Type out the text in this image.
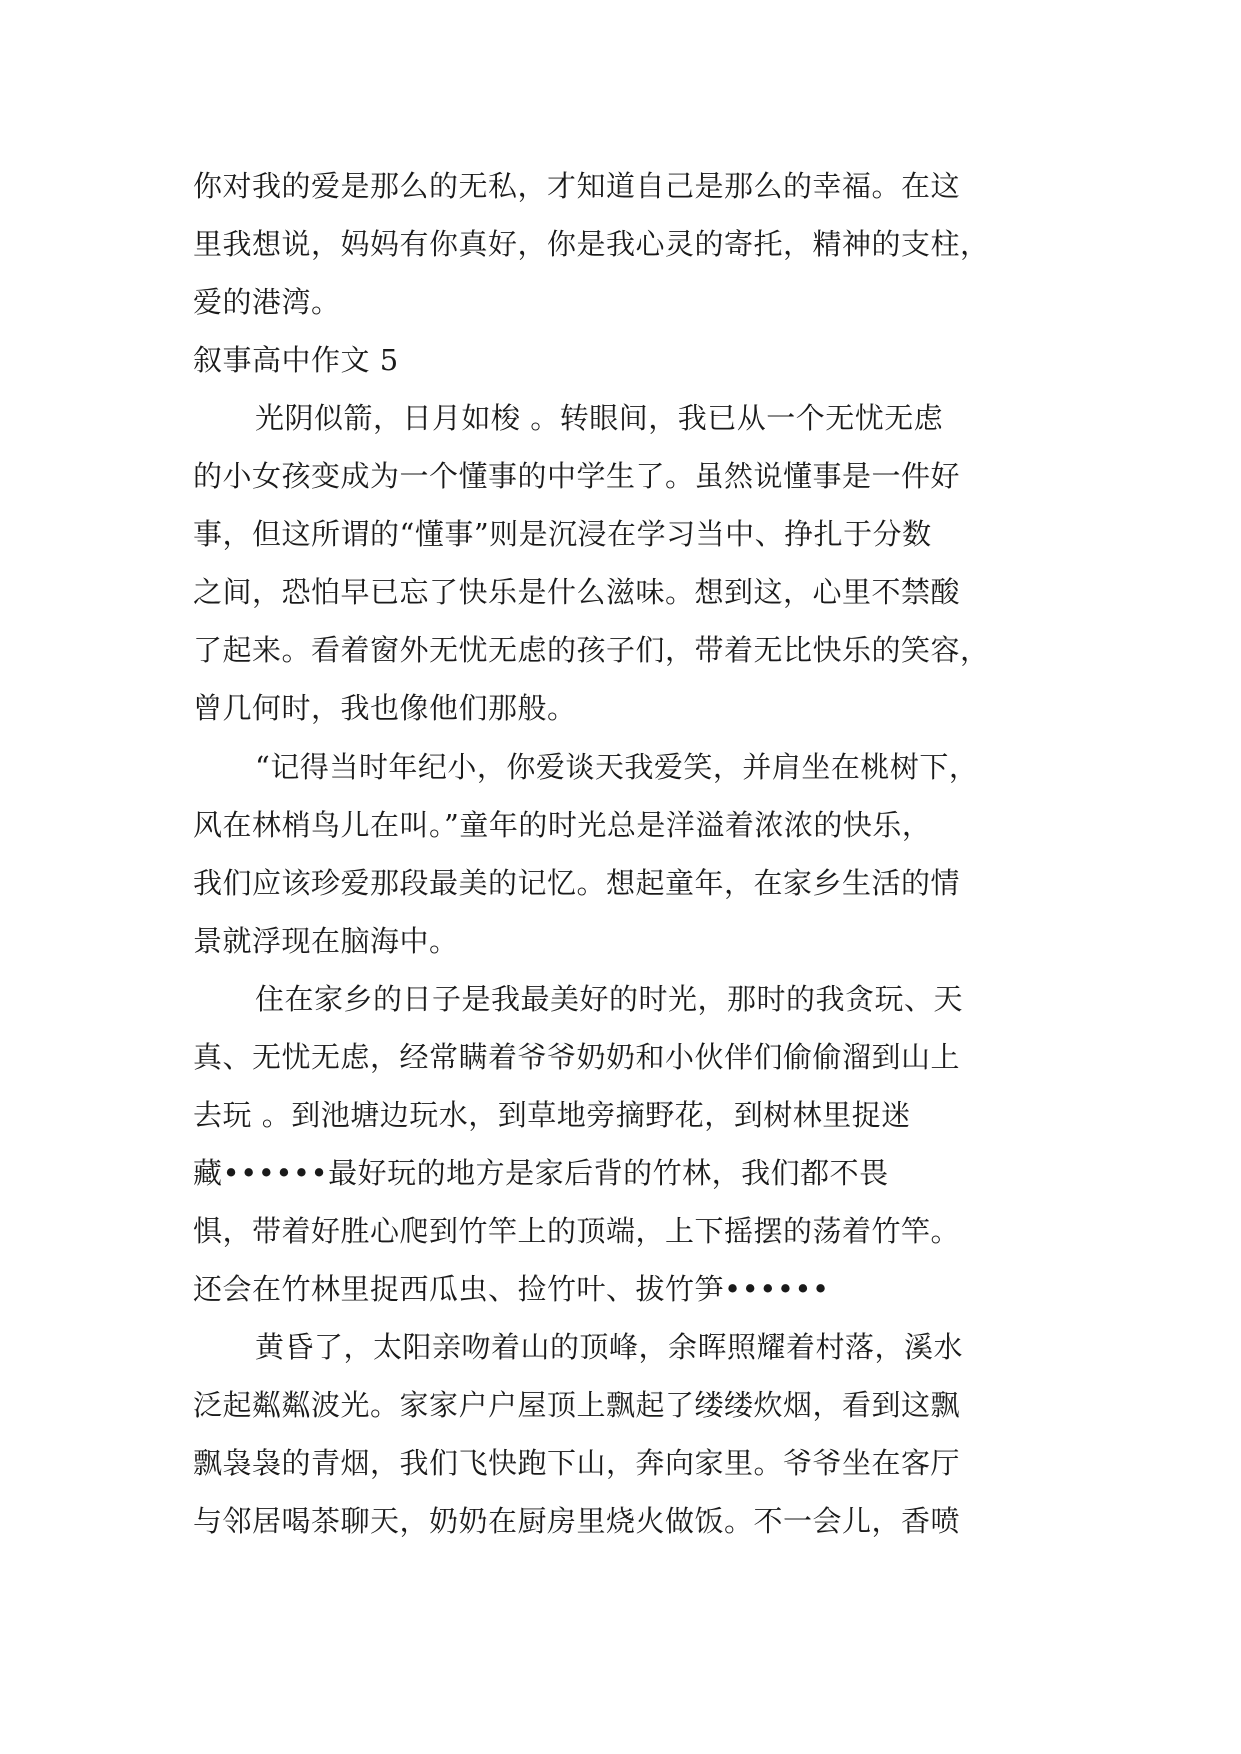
你对我的爱是那么的无私，才知道自己是那么的幸福。在这
里我想说，妈妈有你真好，你是我心灵的寄托，精神的支柱，
爱的港湾。
叙事高中作文 5
光阴似箭，日月如梭 。转眼间，我已从一个无忧无虑
的小女孩变成为一个懂事的中学生了。虽然说懂事是一件好
事，但这所谓的“懂事”则是沉浸在学习当中、挣扎于分数
之间，恐怕早已忘了快乐是什么滋味。想到这，心里不禁酸
了起来。看着窗外无忧无虑的孩子们，带着无比快乐的笑容，
曾几何时，我也像他们那般。
“记得当时年纪小，你爱谈天我爱笑，并肩坐在桃树下，
风在林梢鸟儿在叫。”童年的时光总是洋溢着浓浓的快乐，
我们应该珍爱那段最美的记忆。想起童年，在家乡生活的情
景就浮现在脑海中。
住在家乡的日子是我最美好的时光，那时的我贪玩、天
真、无忧无虑，经常瞒着爷爷奶奶和小伙伴们偷偷溜到山上
去玩 。到池塘边玩水，到草地旁摘野花，到树林里捉迷
藏••••••最好玩的地方是家后背的竹林，我们都不畏
惧，带着好胜心爬到竹竿上的顶端，上下摇摆的荡着竹竿。
还会在竹林里捉西瓜虫、捡竹叶、拔竹笋••••••
黄昏了，太阳亲吻着山的顶峰，余晖照耀着村落，溪水
泛起粼粼波光。家家户户屋顶上飘起了缕缕炊烟，看到这飘
飘袅袅的青烟，我们飞快跑下山，奔向家里。爷爷坐在客厅
与邻居喝茶聊天，奶奶在厨房里烧火做饭。不一会儿，香喷
